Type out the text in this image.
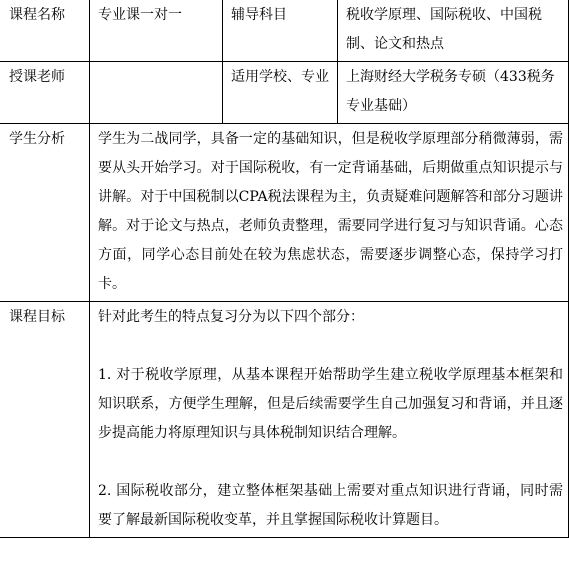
课程名称	专业课一对一	辅导科目	税收学原理、国际税收、中国税制、论文和热点
授课老师		适用学校、专业	上海财经大学税务专硕（433税务专业基础）
学生分析	学生为二战同学，具备一定的基础知识，但是税收学原理部分稍微薄弱，需要从头开始学习。对于国际税收，有一定背诵基础，后期做重点知识提示与讲解。对于中国税制以CPA税法课程为主，负责疑难问题解答和部分习题讲解。对于论文与热点，老师负责整理，需要同学进行复习与知识背诵。心态方面，同学心态目前处在较为焦虑状态，需要逐步调整心态，保持学习打卡。		

课程目标	针对此考生的特点复习分为以下四个部分：

1. 对于税收学原理，从基本课程开始帮助学生建立税收学原理基本框架和知识联系，方便学生理解，但是后续需要学生自己加强复习和背诵，并且逐步提高能力将原理知识与具体税制知识结合理解。

2. 国际税收部分，建立整体框架基础上需要对重点知识进行背诵，同时需要了解最新国际税收变革，并且掌握国际税收计算题目。		
